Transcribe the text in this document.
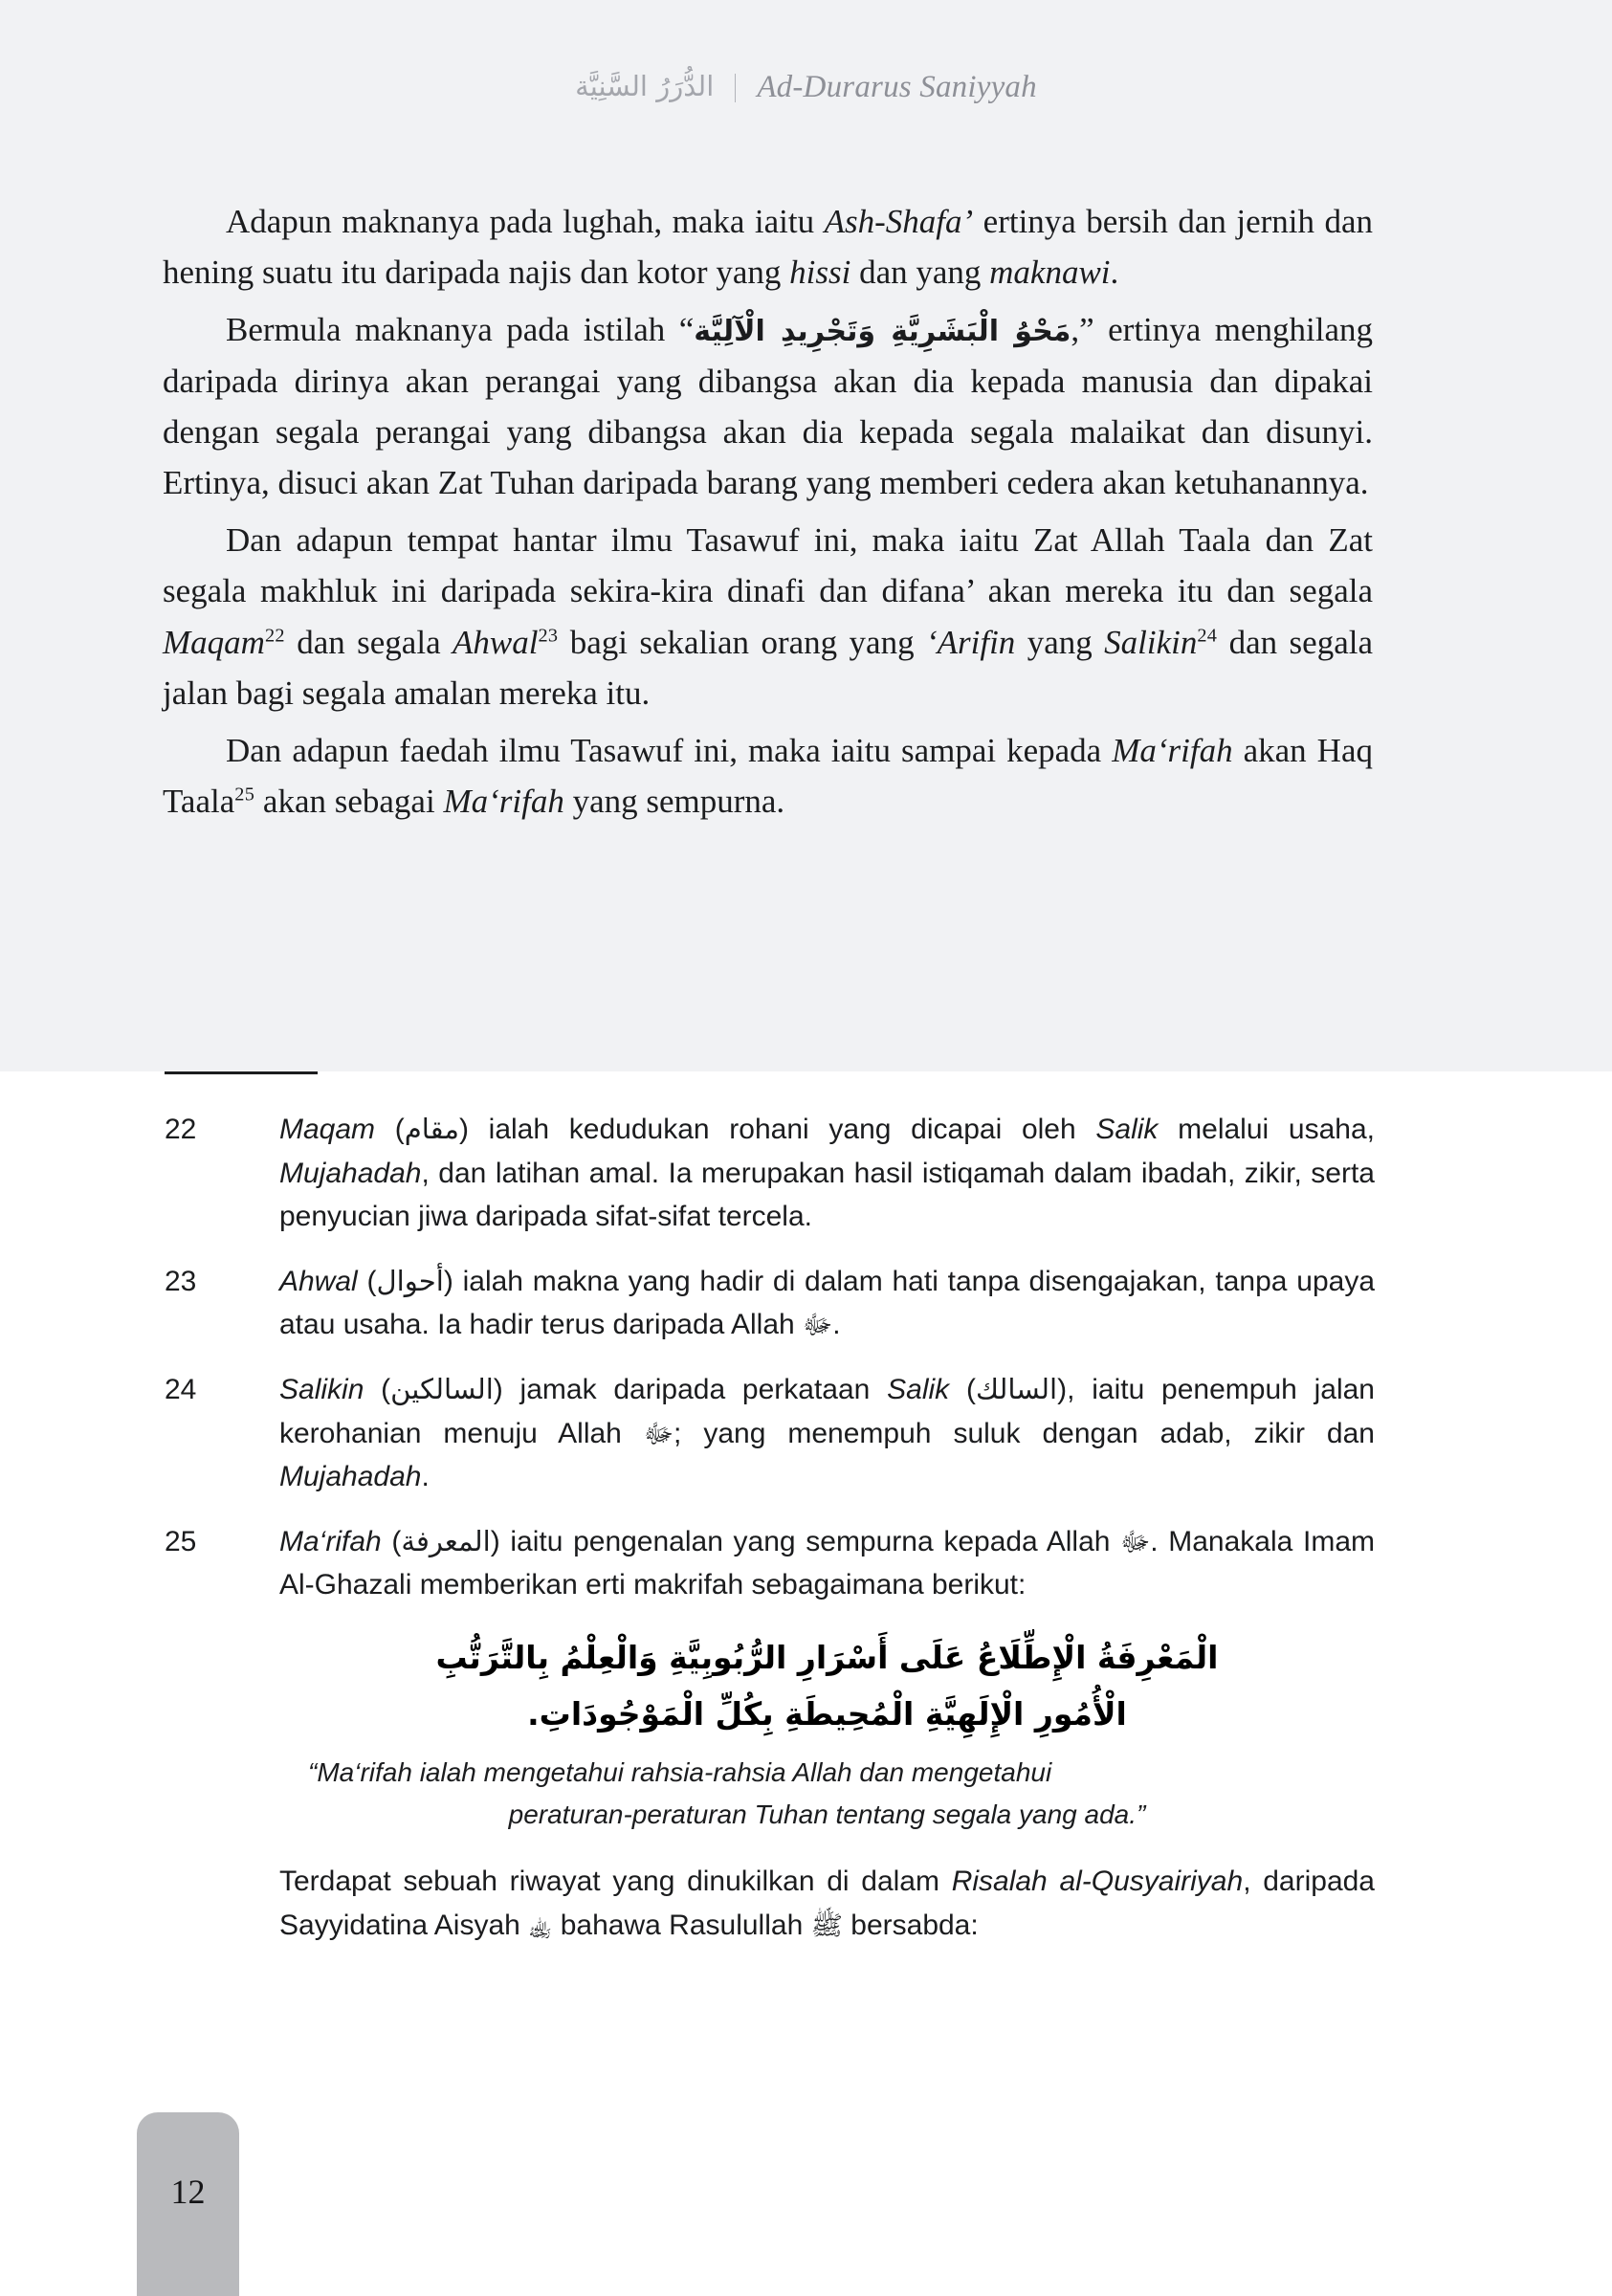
الدُّرَرُ السَّنِيَّة Ad-Durarus Saniyyah

Adapun maknanya pada lughah, maka iaitu Ash-Shafa’ ertinya bersih dan jernih dan hening suatu itu daripada najis dan kotor yang hissi dan yang maknawi.

Bermula maknanya pada istilah “مَحْوُ الْبَشَرِيَّةِ وَتَجْرِيدِ الْآلِيَّة,” ertinya menghilang daripada dirinya akan perangai yang dibangsa akan dia kepada manusia dan dipakai dengan segala perangai yang dibangsa akan dia kepada segala malaikat dan disunyi. Ertinya, disuci akan Zat Tuhan daripada barang yang memberi cedera akan ketuhanannya.

Dan adapun tempat hantar ilmu Tasawuf ini, maka iaitu Zat Allah Taala dan Zat segala makhluk ini daripada sekira-kira dinafi dan difana’ akan mereka itu dan segala Maqam$^{22}$ dan segala Ahwal$^{23}$ bagi sekalian orang yang ‘Arifin yang Salikin$^{24}$ dan segala jalan bagi segala amalan mereka itu.

Dan adapun faedah ilmu Tasawuf ini, maka iaitu sampai kepada Ma‘rifah akan Haq Taala$^{25}$ akan sebagai Ma‘rifah yang sempurna.

22	Maqam (مقام) ialah kedudukan rohani yang dicapai oleh Salik melalui usaha, Mujahadah, dan latihan amal. Ia merupakan hasil istiqamah dalam ibadah, zikir, serta penyucian jiwa daripada sifat-sifat tercela.
23	Ahwal (أحوال) ialah makna yang hadir di dalam hati tanpa disengajakan, tanpa upaya atau usaha. Ia hadir terus daripada Allah ﷻ.
24	Salikin (السالكين) jamak daripada perkataan Salik (السالك), iaitu penempuh jalan kerohanian menuju Allah ﷻ; yang menempuh suluk dengan adab, zikir dan Mujahadah.
25	Ma‘rifah (المعرفة) iaitu pengenalan yang sempurna kepada Allah ﷻ. Manakala Imam Al-Ghazali memberikan erti makrifah sebagaimana berikut:
الْمَعْرِفَةُ الْإِطِّلَاعُ عَلَى أَسْرَارِ الرُّبُوبِيَّةِ وَالْعِلْمُ بِالتَّرَتُّبِ
الْأُمُورِ الْإِلَهِيَّةِ الْمُحِيطَةِ بِكُلِّ الْمَوْجُودَاتِ.
“Ma‘rifah ialah mengetahui rahsia-rahsia Allah dan mengetahui
peraturan-peraturan Tuhan tentang segala yang ada.”
Terdapat sebuah riwayat yang dinukilkan di dalam Risalah al-Qusyairiyah, daripada Sayyidatina Aisyah ﵀ bahawa Rasulullah ﷺ bersabda:
12
